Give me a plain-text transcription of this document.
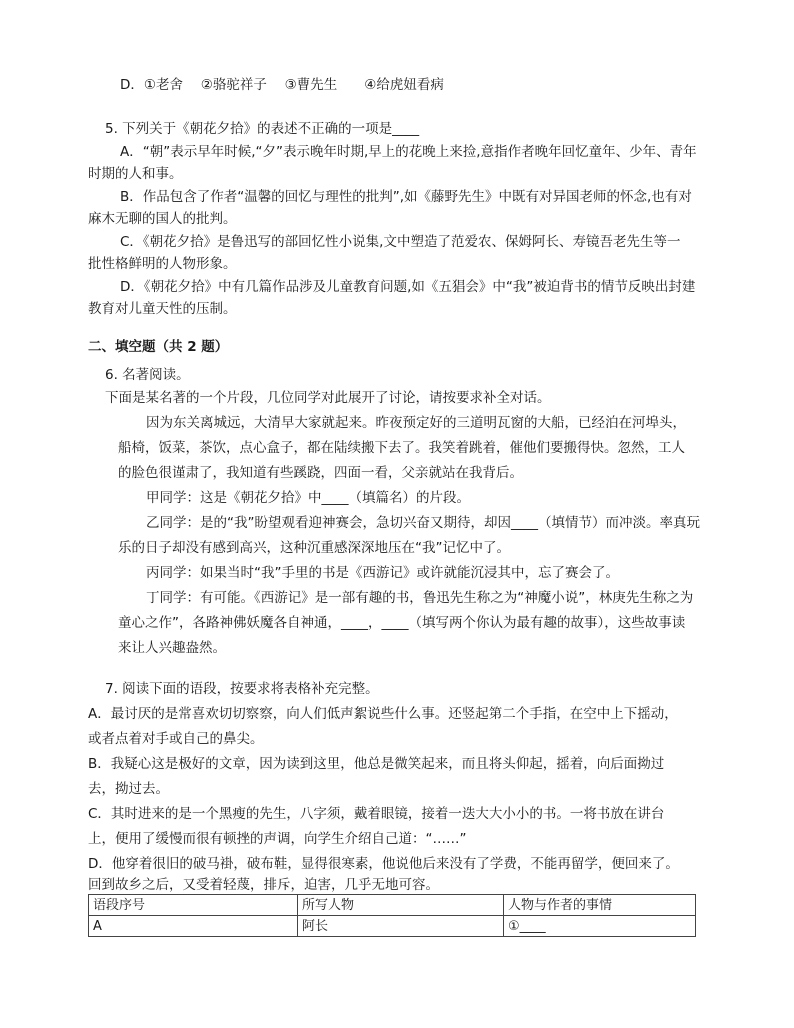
D．①老舍　 ②骆驼祥子　 ③曹先生　　④给虎妞看病
5. 下列关于《朝花夕拾》的表述不正确的一项是____
A．“朝”表示早年时候,“夕”表示晚年时期,早上的花晚上来捡,意指作者晚年回忆童年、少年、青年
时期的人和事。
B．作品包含了作者“温馨的回忆与理性的批判”,如《藤野先生》中既有对异国老师的怀念,也有对
麻木无聊的国人的批判。
C．《朝花夕拾》是鲁迅写的部回忆性小说集,文中塑造了范爱农、保姆阿长、寿镜吾老先生等一
批性格鲜明的人物形象。
D．《朝花夕拾》中有几篇作品涉及儿童教育问题,如《五猖会》中“我”被迫背书的情节反映出封建
教育对儿童天性的压制。
二、填空题（共 2 题）
6. 名著阅读。
下面是某名著的一个片段，几位同学对此展开了讨论，请按要求补全对话。
因为东关离城远，大清早大家就起来。昨夜预定好的三道明瓦窗的大船，已经泊在河埠头，
船椅，饭菜，茶饮，点心盒子，都在陆续搬下去了。我笑着跳着，催他们要搬得快。忽然，工人
的脸色很谨肃了，我知道有些蹊跷，四面一看，父亲就站在我背后。
甲同学：这是《朝花夕拾》中____（填篇名）的片段。
乙同学：是的“我”盼望观看迎神赛会，急切兴奋又期待，却因____（填情节）而冲淡。率真玩
乐的日子却没有感到高兴，这种沉重感深深地压在“我”记忆中了。
丙同学：如果当时“我”手里的书是《西游记》或许就能沉浸其中，忘了赛会了。
丁同学：有可能。《西游记》是一部有趣的书，鲁迅先生称之为“神魔小说”，林庚先生称之为
童心之作”，各路神佛妖魔各自神通，____，____（填写两个你认为最有趣的故事），这些故事读
来让人兴趣盎然。
7. 阅读下面的语段，按要求将表格补充完整。
A．最讨厌的是常喜欢切切察察，向人们低声絮说些什么事。还竖起第二个手指，在空中上下摇动，
或者点着对手或自己的鼻尖。
B．我疑心这是极好的文章，因为读到这里，他总是微笑起来，而且将头仰起，摇着，向后面拗过
去，拗过去。
C．其时进来的是一个黑瘦的先生，八字须，戴着眼镜，接着一迭大大小小的书。一将书放在讲台
上，便用了缓慢而很有顿挫的声调，向学生介绍自己道：“……”
D．他穿着很旧的破马褂，破布鞋，显得很寒素，他说他后来没有了学费，不能再留学，便回来了。
回到故乡之后，又受着轻蔑，排斥，迫害，几乎无地可容。
语段序号	所写人物	人物与作者的事情
A	阿长	①____
